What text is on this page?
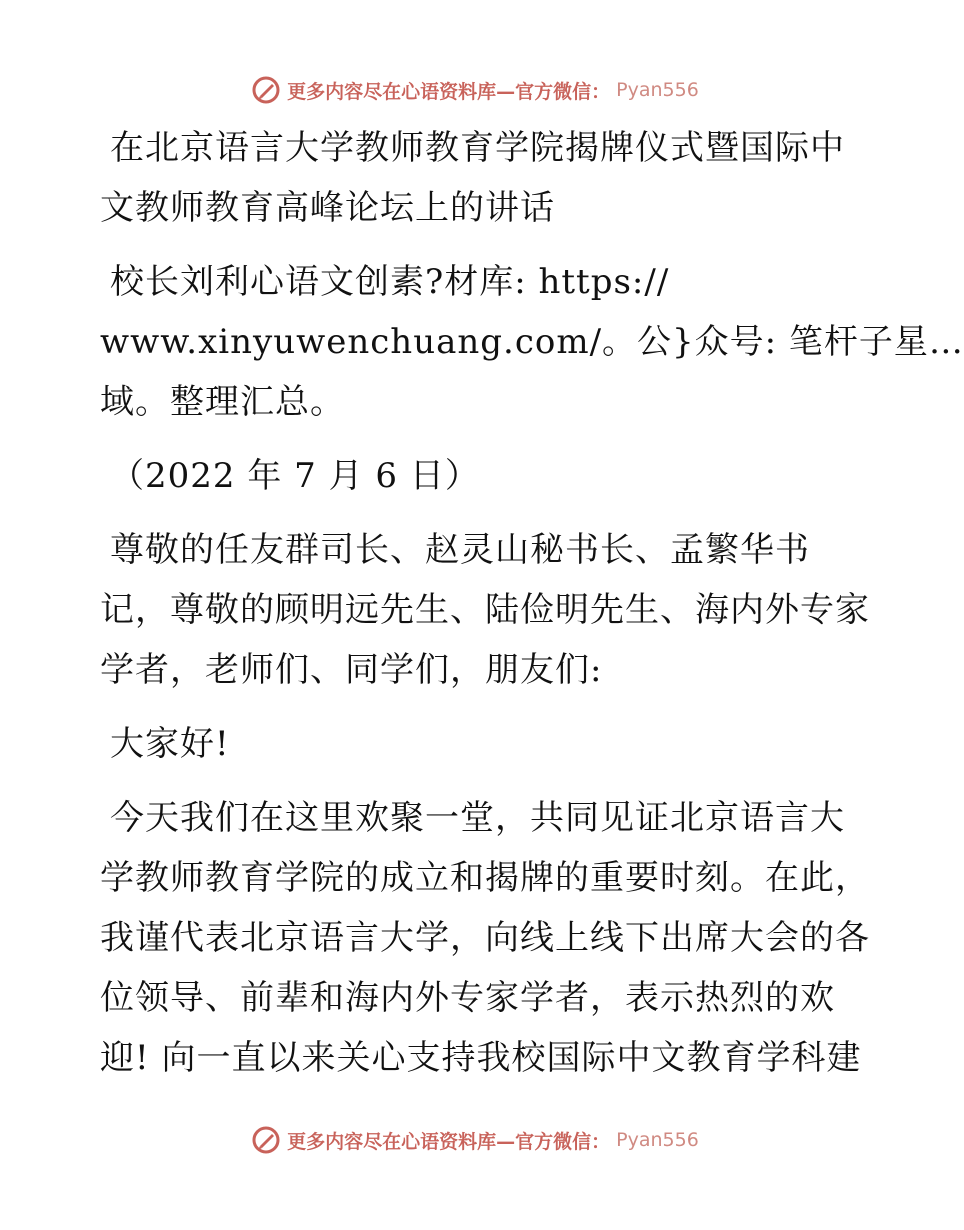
更多内容尽在心语资料库—官方微信： Pyan556
在北京语言大学教师教育学院揭牌仪式暨国际中
文教师教育高峰论坛上的讲话
校长刘利心语文创素?材库: https://
www.xinyuwenchuang.com/。公}众号: 笔杆子星…
域。整理汇总。
（2022 年 7 月 6 日）
尊敬的任友群司长、赵灵山秘书长、孟繁华书
记，尊敬的顾明远先生、陆俭明先生、海内外专家
学者，老师们、同学们，朋友们:
大家好!
今天我们在这里欢聚一堂，共同见证北京语言大
学教师教育学院的成立和揭牌的重要时刻。在此，
我谨代表北京语言大学，向线上线下出席大会的各
位领导、前辈和海内外专家学者，表示热烈的欢
迎! 向一直以来关心支持我校国际中文教育学科建
更多内容尽在心语资料库—官方微信： Pyan556
